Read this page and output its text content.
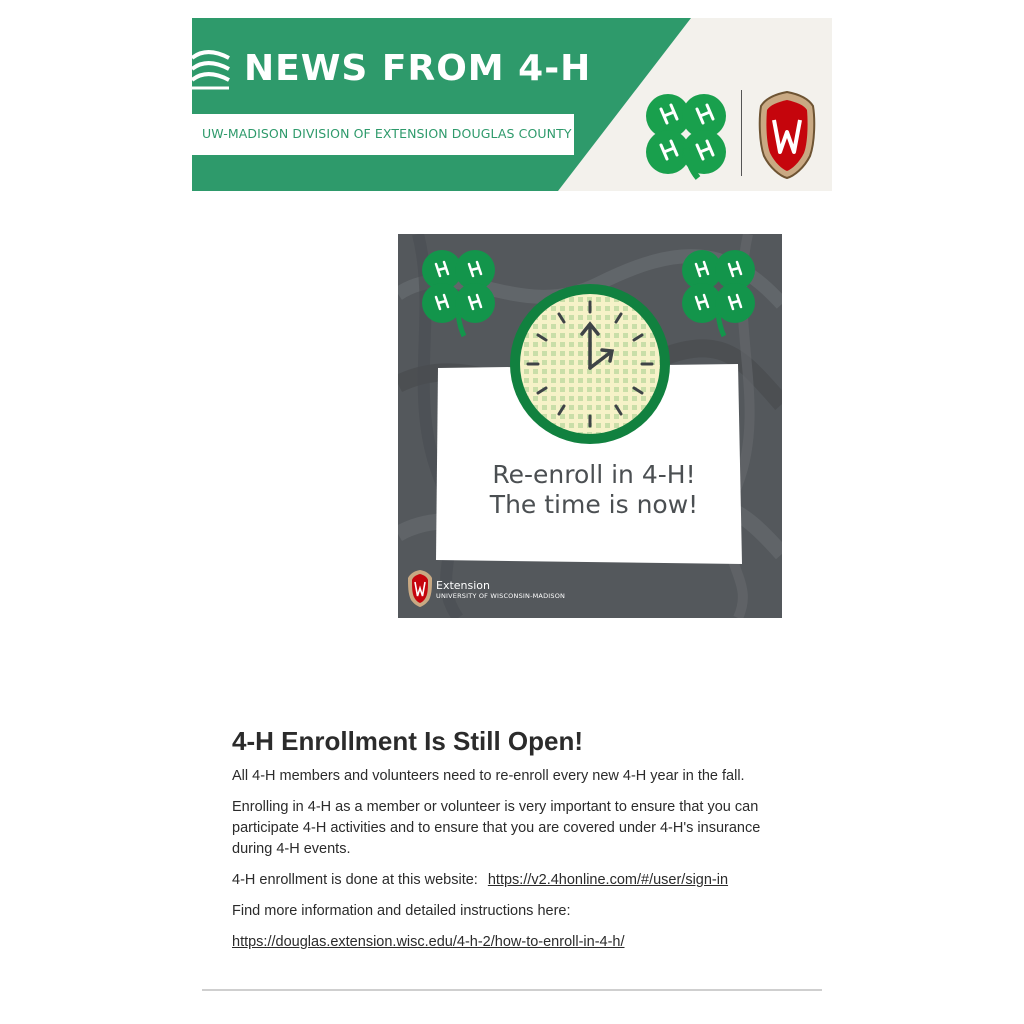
NEWS FROM 4-H
UW-MADISON DIVISION OF EXTENSION DOUGLAS COUNTY
Re-enroll in 4-H!
The time is now!
Extension
UNIVERSITY OF WISCONSIN-MADISON
4-H Enrollment Is Still Open!

All 4-H members and volunteers need to re-enroll every new 4-H year in the fall.

Enrolling in 4-H as a member or volunteer is very important to ensure that you can participate 4-H activities and to ensure that you are covered under 4-H's insurance during 4-H events.

4-H enrollment is done at this website: https://v2.4honline.com/#/user/sign-in

Find more information and detailed instructions here:

https://douglas.extension.wisc.edu/4-h-2/how-to-enroll-in-4-h/
